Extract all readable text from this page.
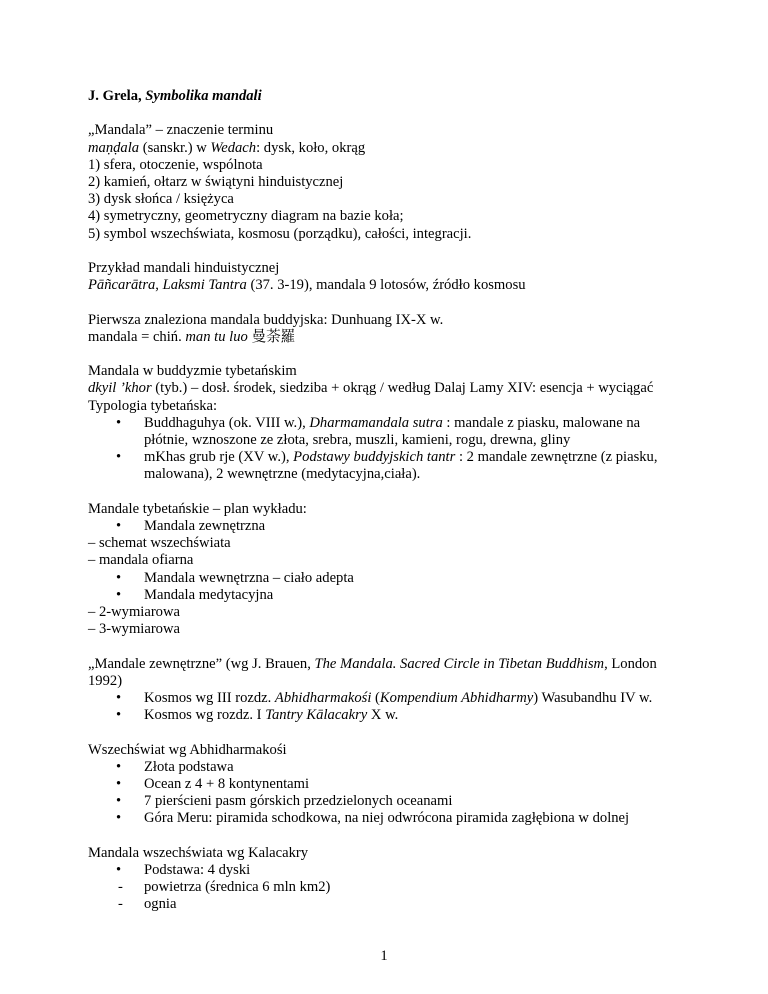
J. Grela, Symbolika mandali
„Mandala” – znaczenie terminu
maṇḍala (sanskr.) w Wedach: dysk, koło, okrąg
1) sfera, otoczenie, wspólnota
2) kamień, ołtarz w świątyni hinduistycznej
3) dysk słońca / księżyca
4) symetryczny, geometryczny diagram na bazie koła;
5) symbol wszechświata, kosmosu (porządku), całości, integracji.
Przykład mandali hinduistycznej
Pāñcarātra, Laksmi Tantra (37. 3-19), mandala 9 lotosów, źródło kosmosu
Pierwsza znaleziona mandala buddyjska: Dunhuang IX-X w.
mandala = chiń. man tu luo 曼荼羅
Mandala w buddyzmie tybetańskim
dkyil ’khor (tyb.) – dosł. środek, siedziba + okrąg / według Dalaj Lamy XIV: esencja + wyciągać
Typologia tybetańska:
•	Buddhaguhya (ok. VIII w.), Dharmamandala sutra : mandale z piasku, malowane na płótnie, wznoszone ze złota, srebra, muszli, kamieni, rogu, drewna, gliny
•	mKhas grub rje (XV w.), Podstawy buddyjskich tantr : 2 mandale zewnętrzne (z piasku, malowana), 2 wewnętrzne (medytacyjna,ciała).
Mandale tybetańskie – plan wykładu:
•	Mandala zewnętrzna
– schemat wszechświata
– mandala ofiarna
•	Mandala wewnętrzna – ciało adepta
•	Mandala medytacyjna
– 2-wymiarowa
– 3-wymiarowa
„Mandale zewnętrzne” (wg J. Brauen, The Mandala. Sacred Circle in Tibetan Buddhism, London 1992)
•	Kosmos wg III rozdz. Abhidharmakośi (Kompendium Abhidharmy) Wasubandhu IV w.
•	Kosmos wg rozdz. I Tantry Kālacakry X w.
Wszechświat wg Abhidharmakośi
•	Złota podstawa
•	Ocean z 4 + 8 kontynentami
•	7 pierścieni pasm górskich przedzielonych oceanami
•	Góra Meru: piramida schodkowa, na niej odwrócona piramida zagłębiona w dolnej
Mandala wszechświata wg Kalacakry
•	Podstawa: 4 dyski
-	powietrza (średnica 6 mln km2)
-	ognia
1
